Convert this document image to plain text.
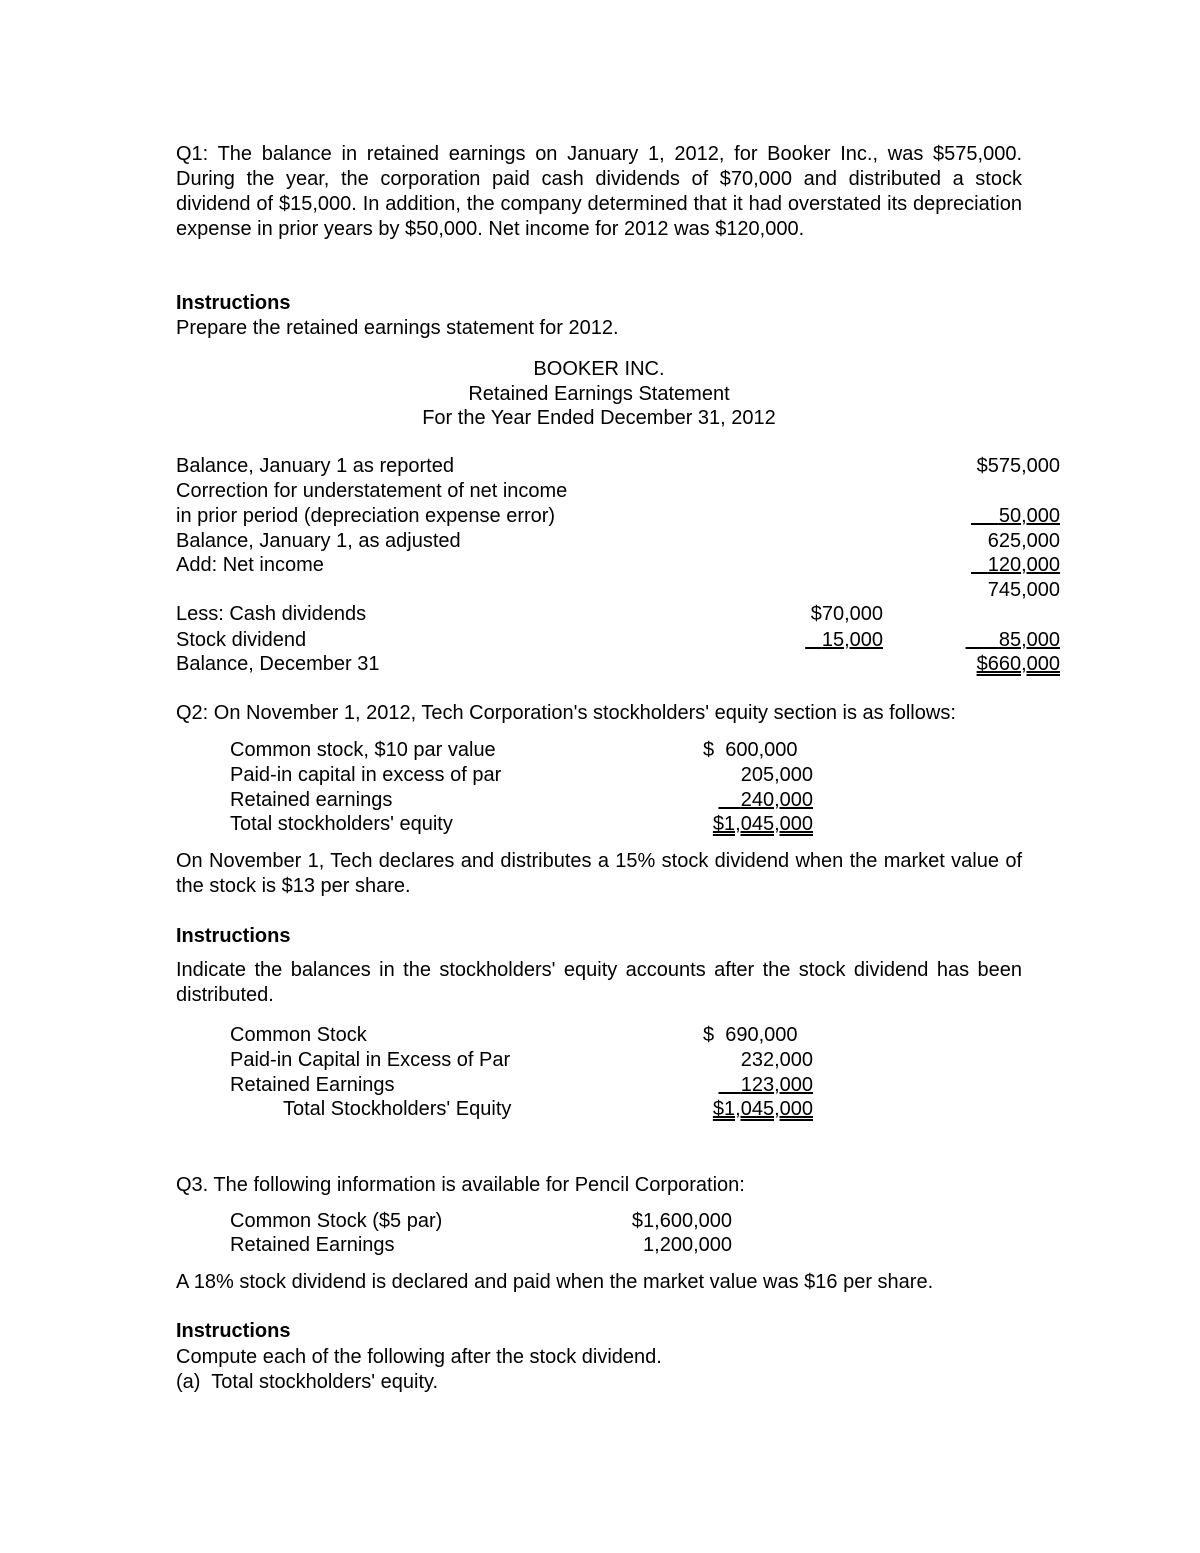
Q1: The balance in retained earnings on January 1, 2012, for Booker Inc., was $575,000. During the year, the corporation paid cash dividends of $70,000 and distributed a stock dividend of $15,000. In addition, the company determined that it had overstated its depreciation expense in prior years by $50,000. Net income for 2012 was $120,000.
Instructions
Prepare the retained earnings statement for 2012.
BOOKER INC.
Retained Earnings Statement
For the Year Ended December 31, 2012
Balance, January 1 as reported	$575,000
Correction for understatement of net income
in prior period (depreciation expense error)	50,000
Balance, January 1, as adjusted	625,000
Add: Net income	120,000
745,000
Less: Cash dividends	$70,000
Stock dividend	15,000	85,000
Balance, December 31	$660,000
Q2: On November 1, 2012, Tech Corporation's stockholders' equity section is as follows:
Common stock, $10 par value	$  600,000
Paid-in capital in excess of par	205,000
Retained earnings	240,000
Total stockholders' equity	$1,045,000
On November 1, Tech declares and distributes a 15% stock dividend when the market value of the stock is $13 per share.
Instructions
Indicate the balances in the stockholders' equity accounts after the stock dividend has been distributed.
Common Stock	$  690,000
Paid-in Capital in Excess of Par	232,000
Retained Earnings	123,000
Total Stockholders' Equity	$1,045,000
Q3. The following information is available for Pencil Corporation:
Common Stock ($5 par)	$1,600,000
Retained Earnings	1,200,000
A 18% stock dividend is declared and paid when the market value was $16 per share.
Instructions
Compute each of the following after the stock dividend.
(a)  Total stockholders' equity.
